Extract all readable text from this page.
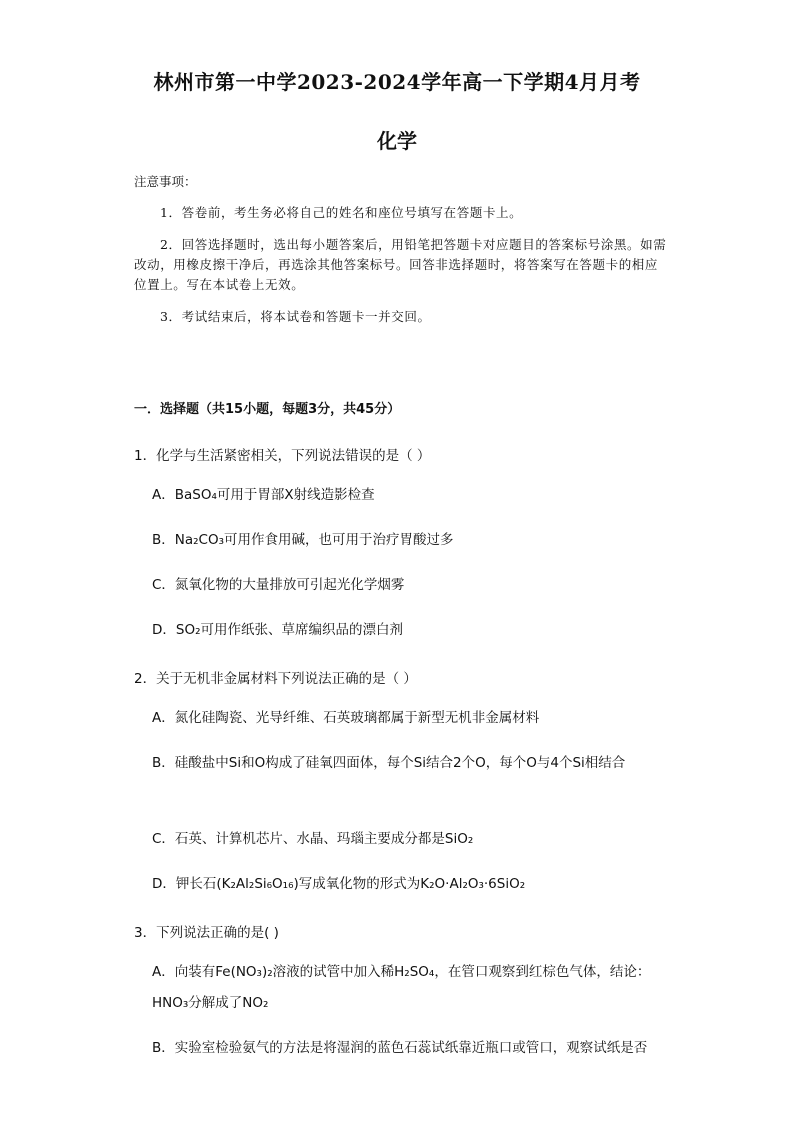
林州市第一中学2023-2024学年高一下学期4月月考
化学
注意事项：
1．答卷前，考生务必将自己的姓名和座位号填写在答题卡上。
2．回答选择题时，选出每小题答案后，用铅笔把答题卡对应题目的答案标号涂黑。如需改动，用橡皮擦干净后，再选涂其他答案标号。回答非选择题时，将答案写在答题卡的相应位置上。写在本试卷上无效。
3．考试结束后，将本试卷和答题卡一并交回。
一．选择题（共15小题，每题3分，共45分）
1．化学与生活紧密相关，下列说法错误的是（ ）
A．BaSO₄可用于胃部X射线造影检查
B．Na₂CO₃可用作食用碱，也可用于治疗胃酸过多
C．氮氧化物的大量排放可引起光化学烟雾
D．SO₂可用作纸张、草席编织品的漂白剂
2．关于无机非金属材料下列说法正确的是（ ）
A．氮化硅陶瓷、光导纤维、石英玻璃都属于新型无机非金属材料
B．硅酸盐中Si和O构成了硅氧四面体，每个Si结合2个O，每个O与4个Si相结合
C．石英、计算机芯片、水晶、玛瑙主要成分都是SiO₂
D．钾长石(K₂Al₂Si₆O₁₆)写成氧化物的形式为K₂O·Al₂O₃·6SiO₂
3．下列说法正确的是( )
A．向装有Fe(NO₃)₂溶液的试管中加入稀H₂SO₄，在管口观察到红棕色气体，结论：HNO₃分解成了NO₂
B．实验室检验氨气的方法是将湿润的蓝色石蕊试纸靠近瓶口或管口，观察试纸是否
